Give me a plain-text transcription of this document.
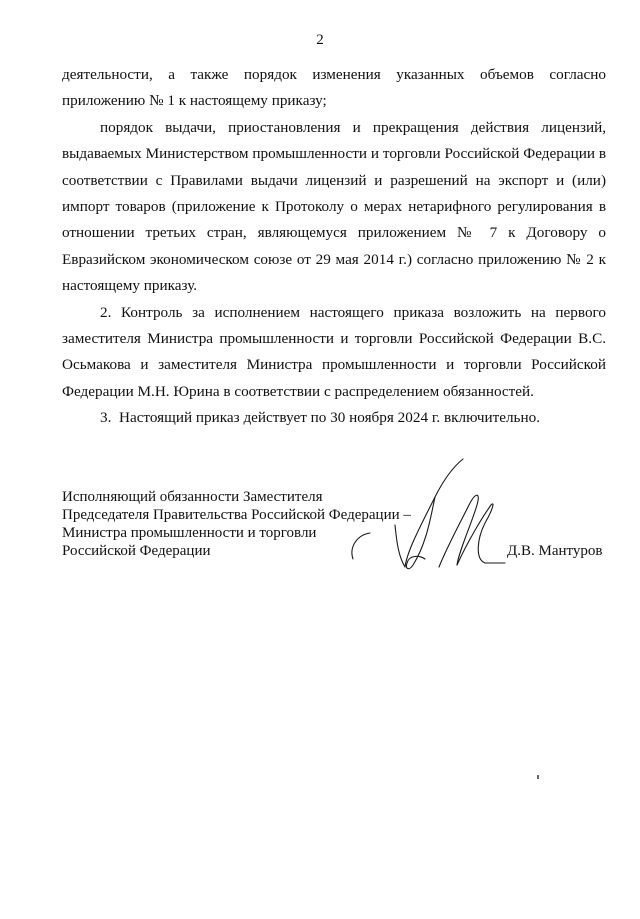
2

деятельности, а также порядок изменения указанных объемов согласно приложению № 1 к настоящему приказу;

порядок выдачи, приостановления и прекращения действия лицензий, выдаваемых Министерством промышленности и торговли Российской Федерации в соответствии с Правилами выдачи лицензий и разрешений на экспорт и (или) импорт товаров (приложение к Протоколу о мерах нетарифного регулирования в отношении третьих стран, являющемуся приложением № 7 к Договору о Евразийском экономическом союзе от 29 мая 2014 г.) согласно приложению № 2 к настоящему приказу.

2. Контроль за исполнением настоящего приказа возложить на первого заместителя Министра промышленности и торговли Российской Федерации В.С. Осьмакова и заместителя Министра промышленности и торговли Российской Федерации М.Н. Юрина в соответствии с распределением обязанностей.

3.  Настоящий приказ действует по 30 ноября 2024 г. включительно.

Исполняющий обязанности Заместителя
Председателя Правительства Российской Федерации –
Министра промышленности и торговли
Российской Федерации	Д.В. Мантуров
